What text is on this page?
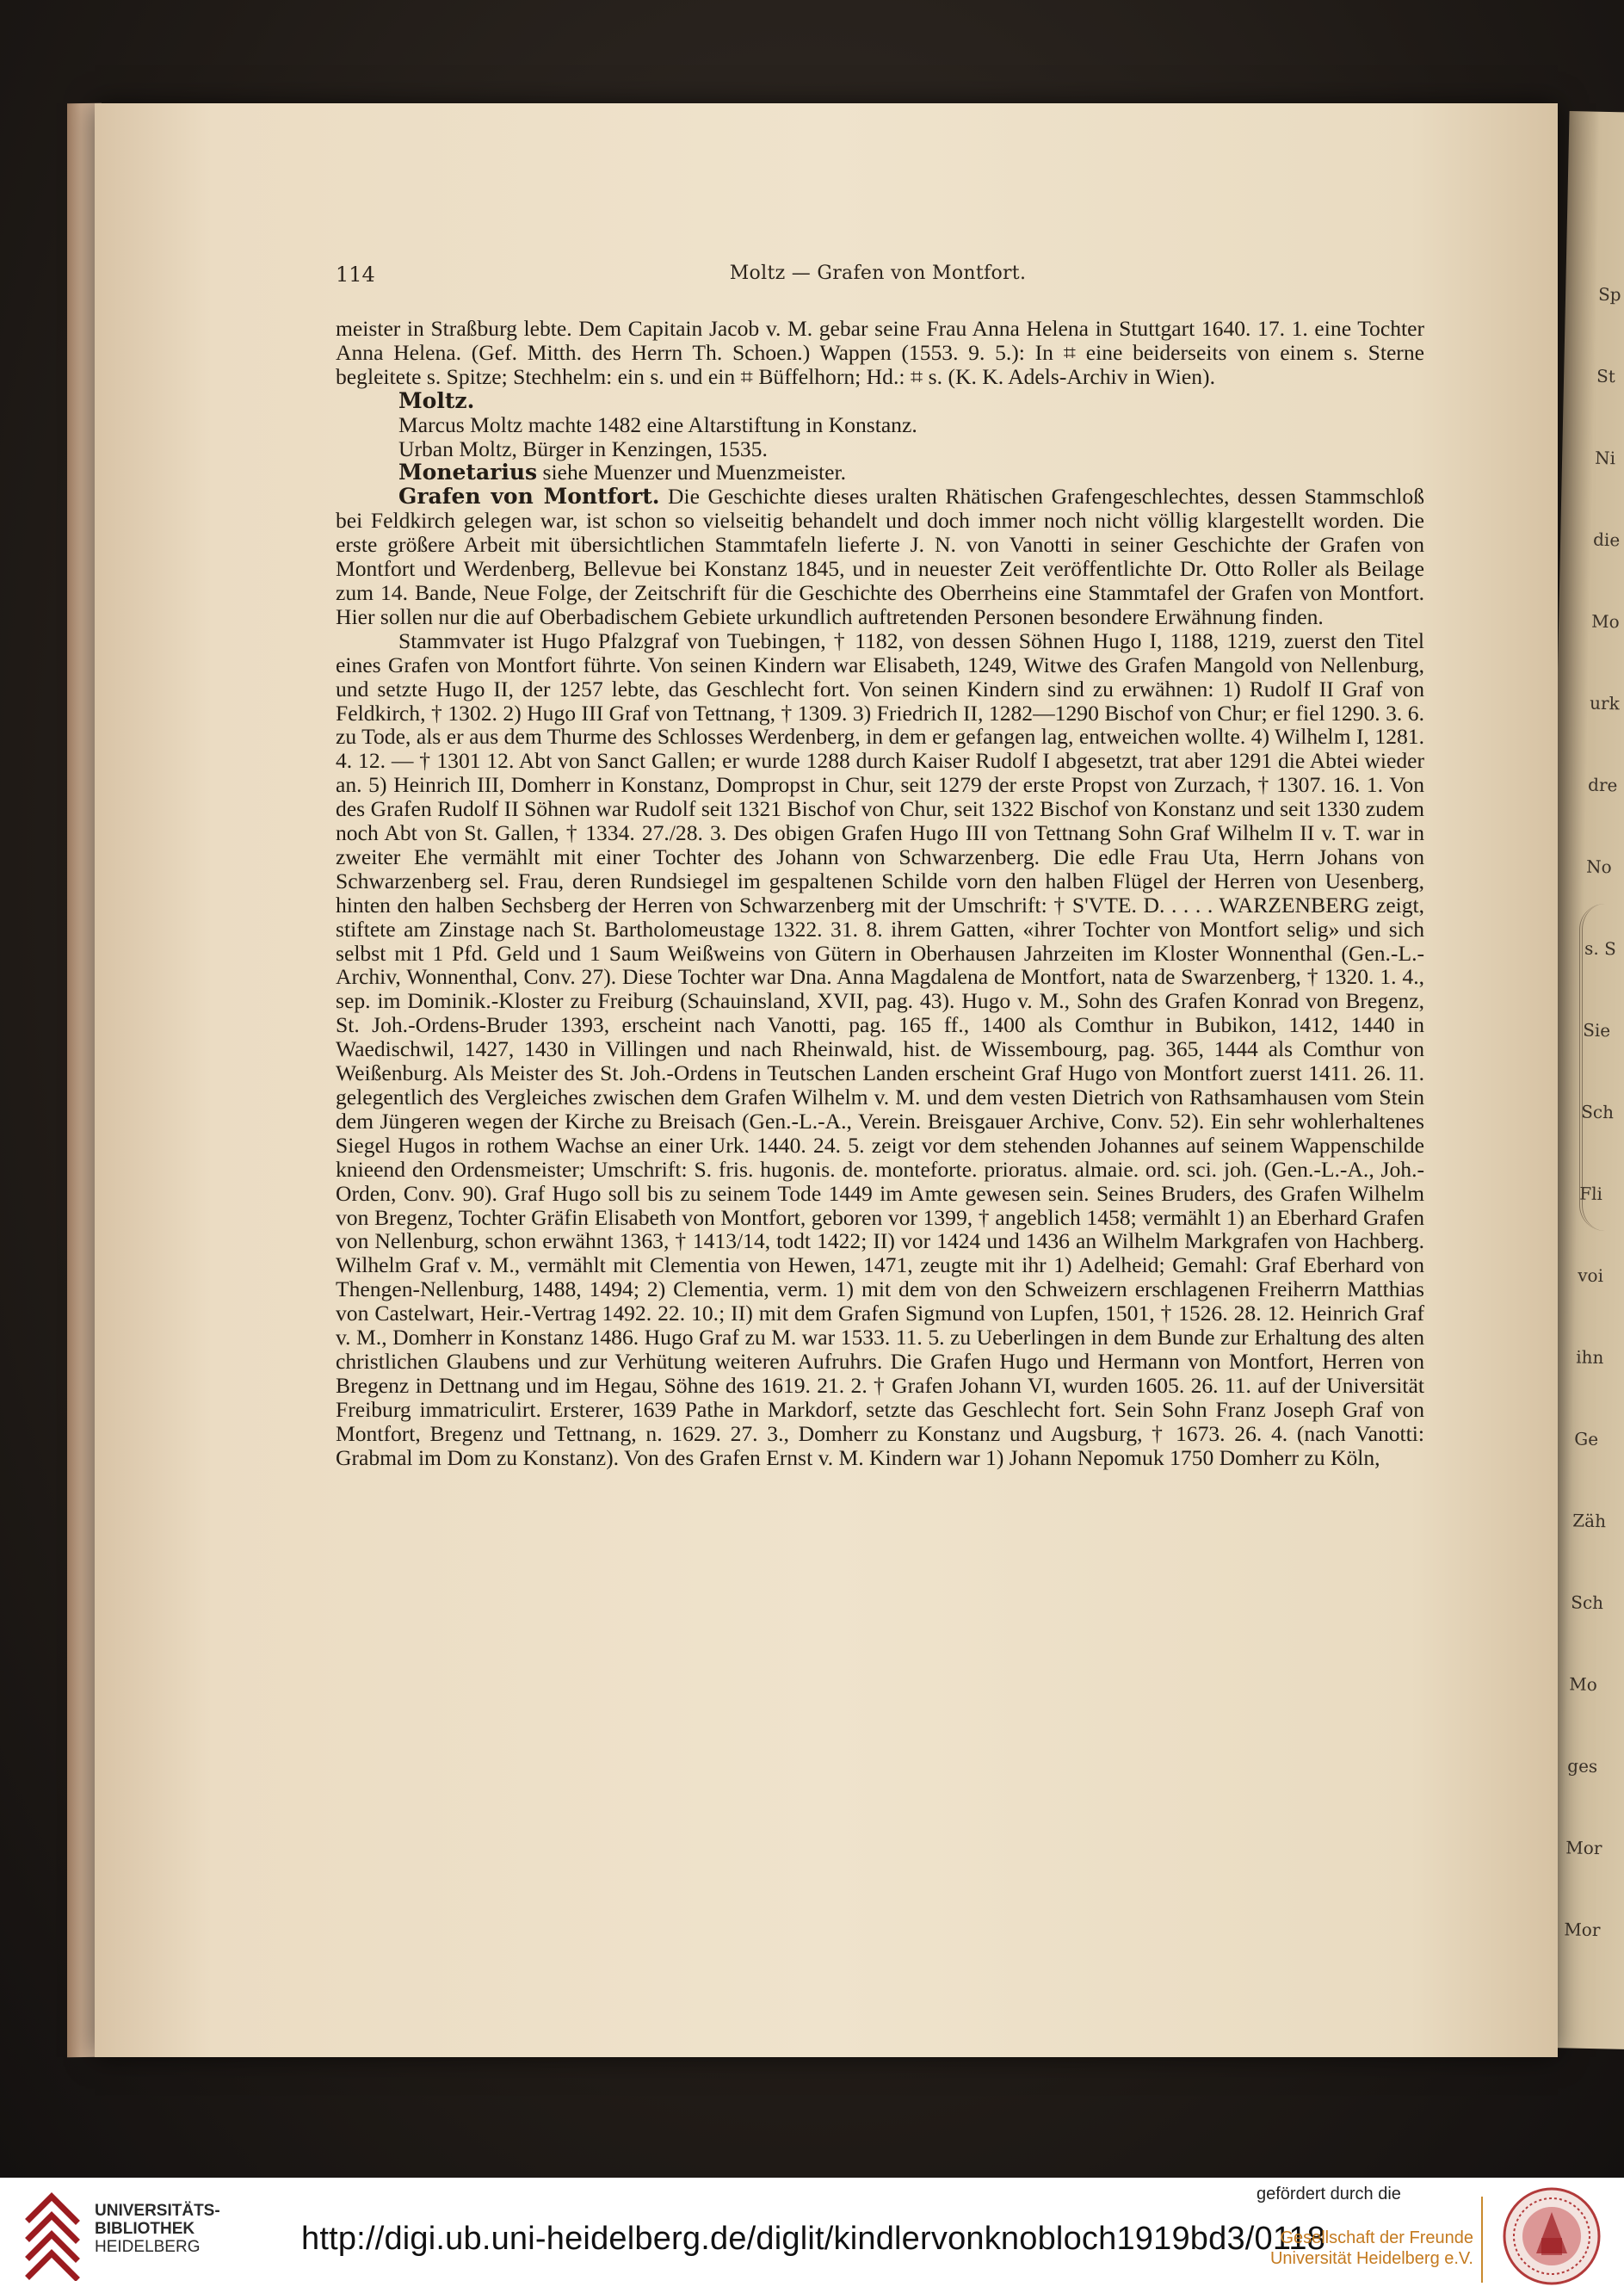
Sp
St
Ni
die
Mo
urk
dre
No
s. S
Sie
Sch
Fli
voi
ihn
Ge
Zäh
Sch
Mo
ges
Mor
Mor
114	Moltz — Grafen von Montfort.

meister in Straßburg lebte. Dem Capitain Jacob v. M. gebar seine Frau Anna Helena in Stuttgart 1640. 17. 1. eine Tochter Anna Helena. (Gef. Mitth. des Herrn Th. Schoen.) Wappen (1553. 9. 5.): In ⌗ eine beiderseits von einem s. Sterne begleitete s. Spitze; Stechhelm: ein s. und ein ⌗ Büffelhorn; Hd.: ⌗ s. (K. K. Adels-Archiv in Wien).

Moltz.

Marcus Moltz machte 1482 eine Altarstiftung in Konstanz.

Urban Moltz, Bürger in Kenzingen, 1535.

Monetarius siehe Muenzer und Muenzmeister.

Grafen von Montfort. Die Geschichte dieses uralten Rhätischen Grafengeschlechtes, dessen Stammschloß bei Feldkirch gelegen war, ist schon so vielseitig behandelt und doch immer noch nicht völlig klargestellt worden. Die erste größere Arbeit mit übersichtlichen Stammtafeln lieferte J. N. von Vanotti in seiner Geschichte der Grafen von Montfort und Werdenberg, Bellevue bei Konstanz 1845, und in neuester Zeit veröffentlichte Dr. Otto Roller als Beilage zum 14. Bande, Neue Folge, der Zeitschrift für die Geschichte des Oberrheins eine Stammtafel der Grafen von Montfort. Hier sollen nur die auf Oberbadischem Gebiete urkundlich auftretenden Personen besondere Erwähnung finden.

Stammvater ist Hugo Pfalzgraf von Tuebingen, † 1182, von dessen Söhnen Hugo I, 1188, 1219, zuerst den Titel eines Grafen von Montfort führte. Von seinen Kindern war Elisabeth, 1249, Witwe des Grafen Mangold von Nellenburg, und setzte Hugo II, der 1257 lebte, das Geschlecht fort. Von seinen Kindern sind zu erwähnen: 1) Rudolf II Graf von Feldkirch, † 1302. 2) Hugo III Graf von Tettnang, † 1309. 3) Friedrich II, 1282—1290 Bischof von Chur; er fiel 1290. 3. 6. zu Tode, als er aus dem Thurme des Schlosses Werdenberg, in dem er gefangen lag, entweichen wollte. 4) Wilhelm I, 1281. 4. 12. — † 1301 12. Abt von Sanct Gallen; er wurde 1288 durch Kaiser Rudolf I abgesetzt, trat aber 1291 die Abtei wieder an. 5) Heinrich III, Domherr in Konstanz, Dompropst in Chur, seit 1279 der erste Propst von Zurzach, † 1307. 16. 1. Von des Grafen Rudolf II Söhnen war Rudolf seit 1321 Bischof von Chur, seit 1322 Bischof von Konstanz und seit 1330 zudem noch Abt von St. Gallen, † 1334. 27./28. 3. Des obigen Grafen Hugo III von Tettnang Sohn Graf Wilhelm II v. T. war in zweiter Ehe vermählt mit einer Tochter des Johann von Schwarzenberg. Die edle Frau Uta, Herrn Johans von Schwarzenberg sel. Frau, deren Rundsiegel im gespaltenen Schilde vorn den halben Flügel der Herren von Uesenberg, hinten den halben Sechsberg der Herren von Schwarzenberg mit der Umschrift: † S'VTE. D. . . . . WARZENBERG zeigt, stiftete am Zinstage nach St. Bartholomeustage 1322. 31. 8. ihrem Gatten, «ihrer Tochter von Montfort selig» und sich selbst mit 1 Pfd. Geld und 1 Saum Weißweins von Gütern in Oberhausen Jahrzeiten im Kloster Wonnenthal (Gen.-L.-Archiv, Wonnenthal, Conv. 27). Diese Tochter war Dna. Anna Magdalena de Montfort, nata de Swarzenberg, † 1320. 1. 4., sep. im Dominik.-Kloster zu Freiburg (Schauinsland, XVII, pag. 43). Hugo v. M., Sohn des Grafen Konrad von Bregenz, St. Joh.-Ordens-Bruder 1393, erscheint nach Vanotti, pag. 165 ff., 1400 als Comthur in Bubikon, 1412, 1440 in Waedischwil, 1427, 1430 in Villingen und nach Rheinwald, hist. de Wissembourg, pag. 365, 1444 als Comthur von Weißenburg. Als Meister des St. Joh.-Ordens in Teutschen Landen erscheint Graf Hugo von Montfort zuerst 1411. 26. 11. gelegentlich des Vergleiches zwischen dem Grafen Wilhelm v. M. und dem vesten Dietrich von Rathsamhausen vom Stein dem Jüngeren wegen der Kirche zu Breisach (Gen.-L.-A., Verein. Breisgauer Archive, Conv. 52). Ein sehr wohlerhaltenes Siegel Hugos in rothem Wachse an einer Urk. 1440. 24. 5. zeigt vor dem stehenden Johannes auf seinem Wappenschilde knieend den Ordensmeister; Umschrift: S. fris. hugonis. de. monteforte. prioratus. almaie. ord. sci. joh. (Gen.-L.-A., Joh.-Orden, Conv. 90). Graf Hugo soll bis zu seinem Tode 1449 im Amte gewesen sein. Seines Bruders, des Grafen Wilhelm von Bregenz, Tochter Gräfin Elisabeth von Montfort, geboren vor 1399, † angeblich 1458; vermählt 1) an Eberhard Grafen von Nellenburg, schon erwähnt 1363, † 1413/14, todt 1422; II) vor 1424 und 1436 an Wilhelm Markgrafen von Hachberg. Wilhelm Graf v. M., vermählt mit Clementia von Hewen, 1471, zeugte mit ihr 1) Adelheid; Gemahl: Graf Eberhard von Thengen-Nellenburg, 1488, 1494; 2) Clementia, verm. 1) mit dem von den Schweizern erschlagenen Freiherrn Matthias von Castelwart, Heir.-Vertrag 1492. 22. 10.; II) mit dem Grafen Sigmund von Lupfen, 1501, † 1526. 28. 12. Heinrich Graf v. M., Domherr in Konstanz 1486. Hugo Graf zu M. war 1533. 11. 5. zu Ueberlingen in dem Bunde zur Erhaltung des alten christlichen Glaubens und zur Verhütung weiteren Aufruhrs. Die Grafen Hugo und Hermann von Montfort, Herren von Bregenz in Dettnang und im Hegau, Söhne des 1619. 21. 2. † Grafen Johann VI, wurden 1605. 26. 11. auf der Universität Freiburg immatriculirt. Ersterer, 1639 Pathe in Markdorf, setzte das Geschlecht fort. Sein Sohn Franz Joseph Graf von Montfort, Bregenz und Tettnang, n. 1629. 27. 3., Domherr zu Konstanz und Augsburg, † 1673. 26. 4. (nach Vanotti: Grabmal im Dom zu Konstanz). Von des Grafen Ernst v. M. Kindern war 1) Johann Nepomuk 1750 Domherr zu Köln,

UNIVERSITÄTS-
BIBLIOTHEK
HEIDELBERG	http://digi.ub.uni-heidelberg.de/diglit/kindlervonknobloch1919bd3/0118
gefördert durch die
Gesellschaft der Freunde
Universität Heidelberg e.V.
